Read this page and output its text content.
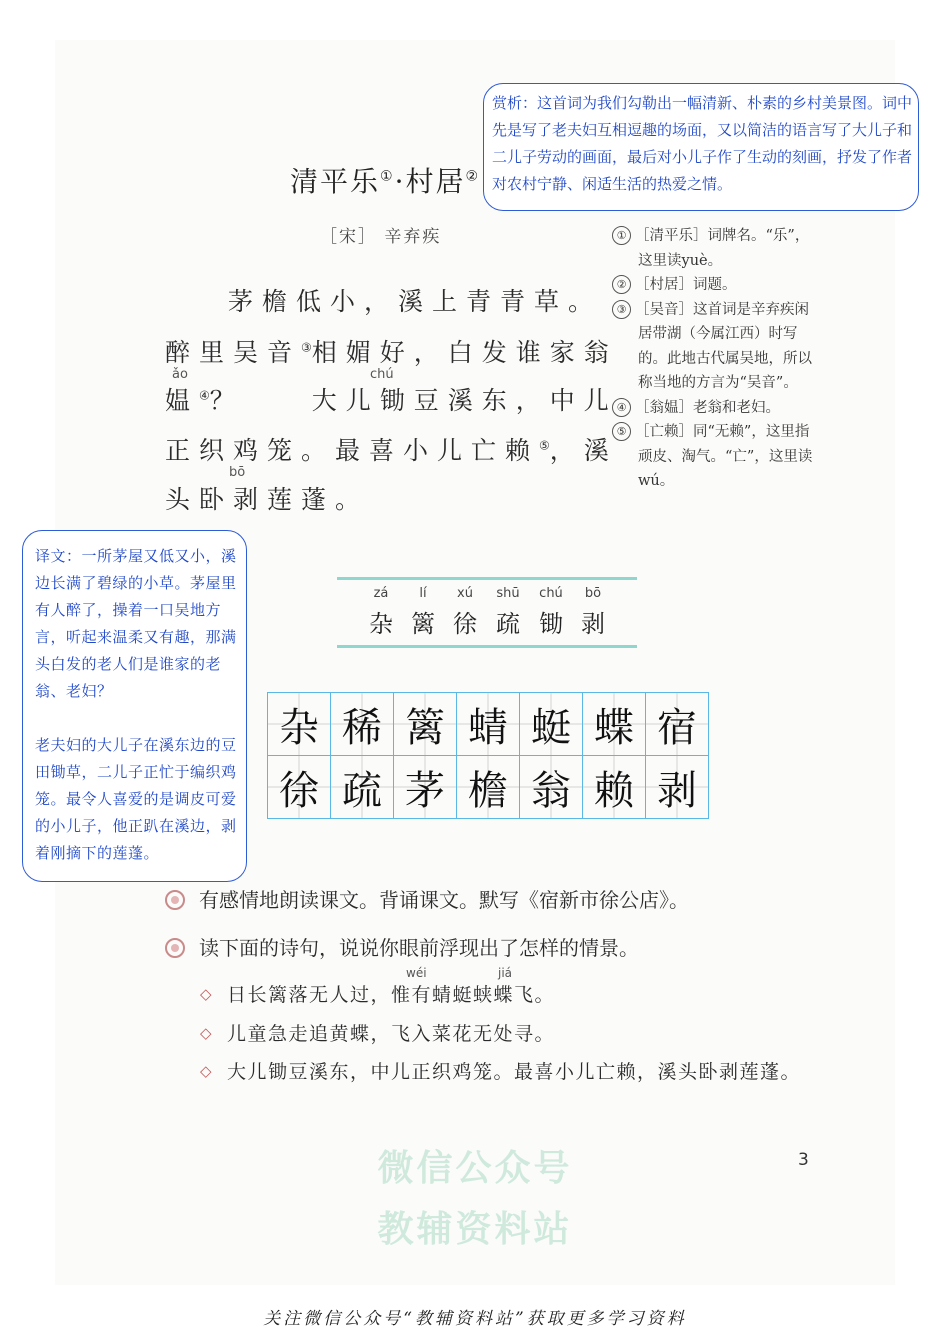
赏析：这首词为我们勾勒出一幅清新、朴素的乡村美景图。词中先是写了老夫妇互相逗趣的场面，又以简洁的语言写了大儿子和二儿子劳动的画面，最后对小儿子作了生动的刻画，抒发了作者对农村宁静、闲适生活的热爱之情。
清平乐①·村居②
［宋］ 辛弃疾
茅檐低小，溪上青青草。
醉里吴音③相媚好，白发谁家翁
ǎo	chú
媪④？　　大儿锄豆溪东，中儿
正织鸡笼。最喜小儿亡赖⑤，溪
bō
头卧剥莲蓬。
① ［清平乐］词牌名。“乐”，这里读yuè。
② ［村居］词题。
③ ［吴音］这首词是辛弃疾闲居带湖（今属江西）时写的。此地古代属吴地，所以称当地的方言为“吴音”。
④ ［翁媪］老翁和老妇。
⑤ ［亡赖］同“无赖”，这里指顽皮、淘气。“亡”，这里读wú。

译文：一所茅屋又低又小，溪边长满了碧绿的小草。茅屋里有人醉了，操着一口吴地方言，听起来温柔又有趣，那满头白发的老人们是谁家的老翁、老妇？

老夫妇的大儿子在溪东边的豆田锄草，二儿子正忙于编织鸡笼。最令人喜爱的是调皮可爱的小儿子，他正趴在溪边，剥着刚摘下的莲蓬。

zá
杂
lí
篱
xú
徐
shū
疏
chú
锄
bō
剥
杂	稀	篱	蜻	蜓	蝶	宿
徐	疏	茅	檐	翁	赖	剥
有感情地朗读课文。背诵课文。默写《宿新市徐公店》。
读下面的诗句，说说你眼前浮现出了怎样的情景。
wéi	jiá
◇ 日长篱落无人过，惟有蜻蜓蛱蝶飞。
◇ 儿童急走追黄蝶，飞入菜花无处寻。
◇ 大儿锄豆溪东，中儿正织鸡笼。最喜小儿亡赖，溪头卧剥莲蓬。
微信公众号
教辅资料站
3
关注微信公众号“教辅资料站”获取更多学习资料
